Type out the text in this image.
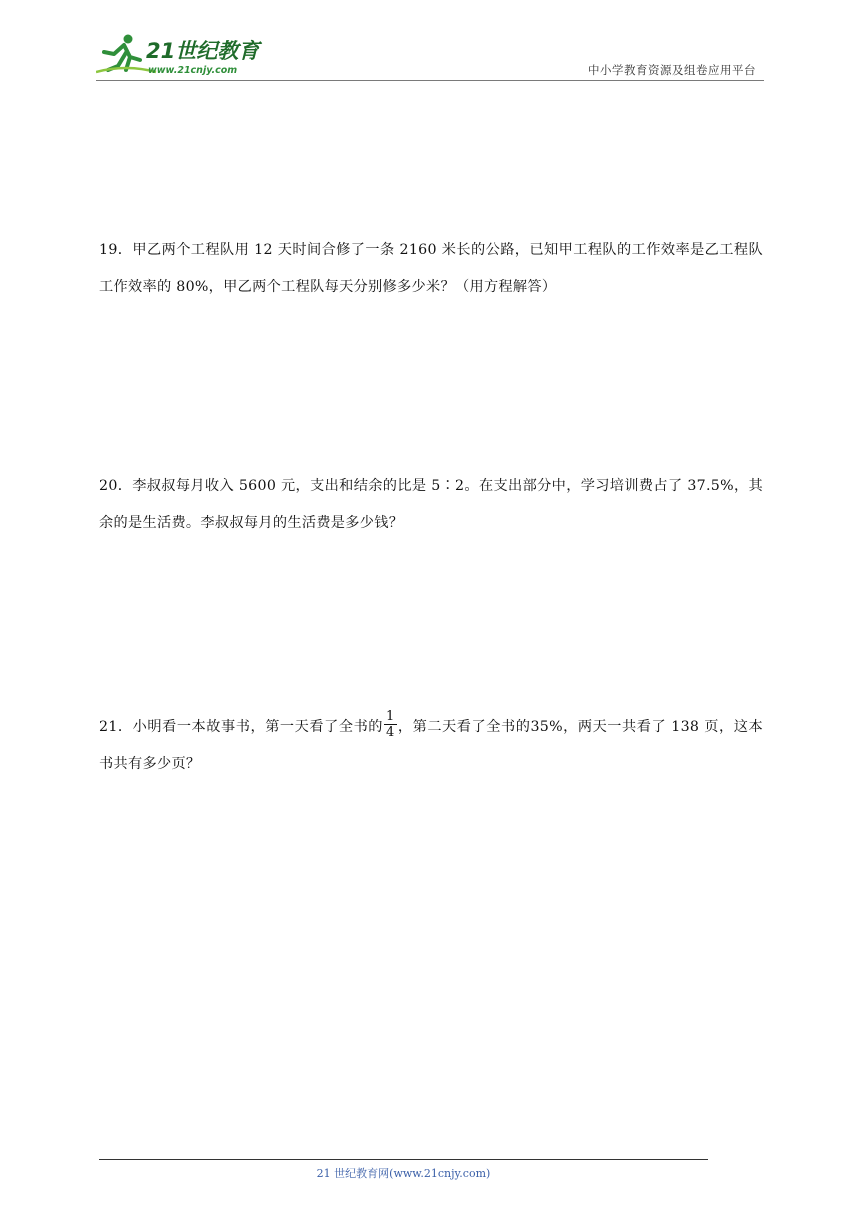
21世纪教育
www.21cnjy.com	中小学教育资源及组卷应用平台
19．甲乙两个工程队用 12 天时间合修了一条 2160 米长的公路，已知甲工程队的工作效率是乙工程队工作效率的 80%，甲乙两个工程队每天分别修多少米？（用方程解答）
20．李叔叔每月收入 5600 元，支出和结余的比是 5∶2。在支出部分中，学习培训费占了 37.5%，其余的是生活费。李叔叔每月的生活费是多少钱？
21．小明看一本故事书，第一天看了全书的 $\frac{1}{4}$ ，第二天看了全书的35%，两天一共看了 138 页，这本书共有多少页？
21 世纪教育网(www.21cnjy.com)
